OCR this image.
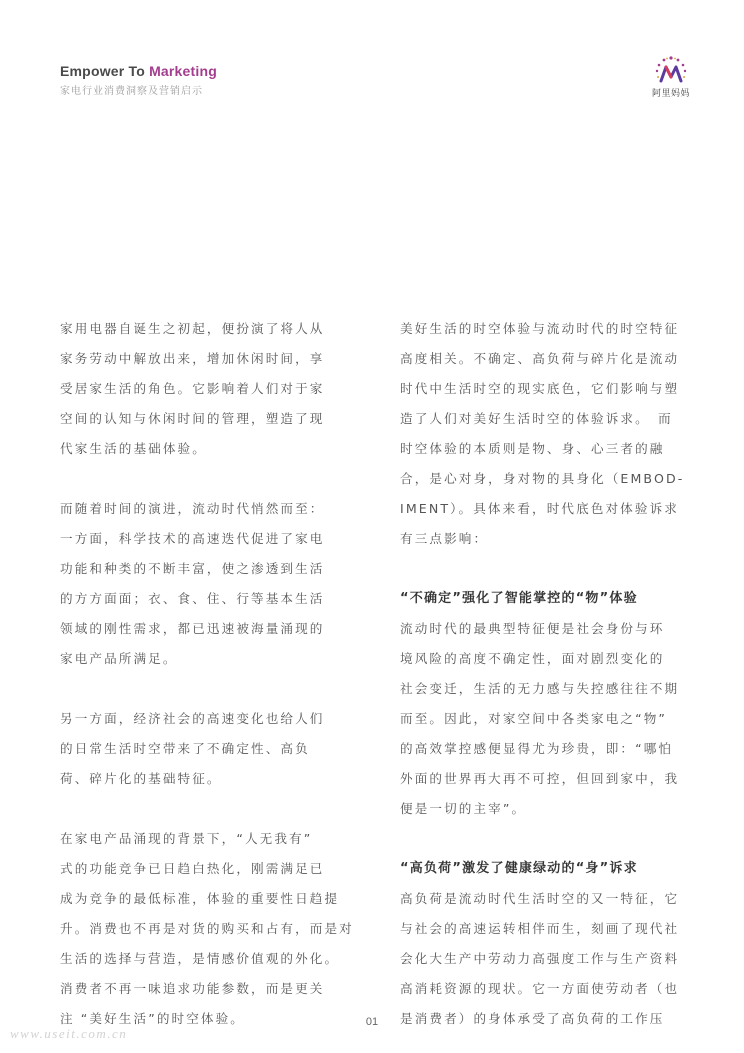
Empower To Marketing
家电行业消费洞察及营销启示	阿里妈妈
家用电器自诞生之初起，便扮演了将人从
家务劳动中解放出来，增加休闲时间，享
受居家生活的角色。它影响着人们对于家
空间的认知与休闲时间的管理，塑造了现
代家生活的基础体验。
而随着时间的演进，流动时代悄然而至：
一方面，科学技术的高速迭代促进了家电
功能和种类的不断丰富，使之渗透到生活
的方方面面；衣、食、住、行等基本生活
领域的刚性需求，都已迅速被海量涌现的
家电产品所满足。
另一方面，经济社会的高速变化也给人们
的日常生活时空带来了不确定性、高负
荷、碎片化的基础特征。
在家电产品涌现的背景下，“人无我有”
式的功能竞争已日趋白热化，刚需满足已
成为竞争的最低标准，体验的重要性日趋提
升。消费也不再是对货的购买和占有，而是对
生活的选择与营造，是情感价值观的外化。
消费者不再一味追求功能参数，而是更关
注 “美好生活”的时空体验。
美好生活的时空体验与流动时代的时空特征
高度相关。不确定、高负荷与碎片化是流动
时代中生活时空的现实底色，它们影响与塑
造了人们对美好生活时空的体验诉求。　而
时空体验的本质则是物、身、心三者的融
合，是心对身，身对物的具身化（EMBOD-
IMENT）。具体来看，时代底色对体验诉求
有三点影响：
“不确定”强化了智能掌控的“物”体验
流动时代的最典型特征便是社会身份与环
境风险的高度不确定性，面对剧烈变化的
社会变迁，生活的无力感与失控感往往不期
而至。因此，对家空间中各类家电之“物”
的高效掌控感便显得尤为珍贵，即：“哪怕
外面的世界再大再不可控，但回到家中，我
便是一切的主宰”。
“高负荷”激发了健康绿动的“身”诉求
高负荷是流动时代生活时空的又一特征，它
与社会的高速运转相伴而生，刻画了现代社
会化大生产中劳动力高强度工作与生产资料
高消耗资源的现状。它一方面使劳动者（也
是消费者）的身体承受了高负荷的工作压
01
www.useit.com.cn
